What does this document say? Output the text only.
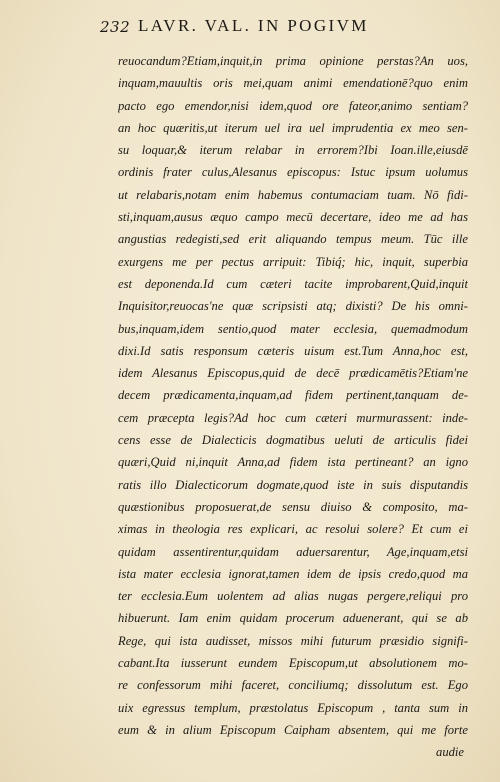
232 LAVR. VAL. IN POGIVM
reuocandum?Etiam,inquit,in prima opinione perstas?An uos,
inquam,mauultis oris mei,quam animi emendationē?quo enim
pacto ego emendor,nisi idem,quod ore fateor,animo sentiam?
an hoc quæritis,ut iterum uel ira uel imprudentia ex meo sen-
su loquar,& iterum relabar in errorem?Ibi Ioan.ille,eiusdē
ordinis frater culus,Alesanus episcopus: Istuc ipsum uolumus
ut relabaris,notam enim habemus contumaciam tuam. Nō fidi-
sti,inquam,ausus æquo campo mecū decertare, ideo me ad has
angustias redegisti,sed erit aliquando tempus meum. Tūc ille
exurgens me per pectus arripuit: Tibiq́; hic, inquit, superbia
est deponenda.Id cum cæteri tacite improbarent,Quid,inquit
Inquisitor,reuocas'ne quæ scripsisti atq; dixisti? De his omni-
bus,inquam,idem sentio,quod mater ecclesia, quemadmodum
dixi.Id satis responsum cæteris uisum est.Tum Anna,hoc est,
idem Alesanus Episcopus,quid de decē prædicamētis?Etiam'ne
decem prædicamenta,inquam,ad fidem pertinent,tanquam de-
cem præcepta legis?Ad hoc cum cæteri murmurassent: inde-
cens esse de Dialecticis dogmatibus ueluti de articulis fidei
quæri,Quid ni,inquit Anna,ad fidem ista pertineant? an igno
ratis illo Dialecticorum dogmate,quod iste in suis disputandis
quæstionibus proposuerat,de sensu diuiso & composito, ma-
ximas in theologia res explicari, ac resolui solere? Et cum ei
quidam assentirentur,quidam aduersarentur, Age,inquam,etsi
ista mater ecclesia ignorat,tamen idem de ipsis credo,quod ma
ter ecclesia.Eum uolentem ad alias nugas pergere,reliqui pro
hibuerunt. Iam enim quidam procerum aduenerant, qui se ab
Rege, qui ista audisset, missos mihi futurum præsidio signifi-
cabant.Ita iusserunt eundem Episcopum,ut absolutionem mo-
re confessorum mihi faceret, conciliumq; dissolutum est. Ego
uix egressus templum, præstolatus Episcopum , tanta sum in
eum & in alium Episcopum Caipham absentem, qui me forte
audie
